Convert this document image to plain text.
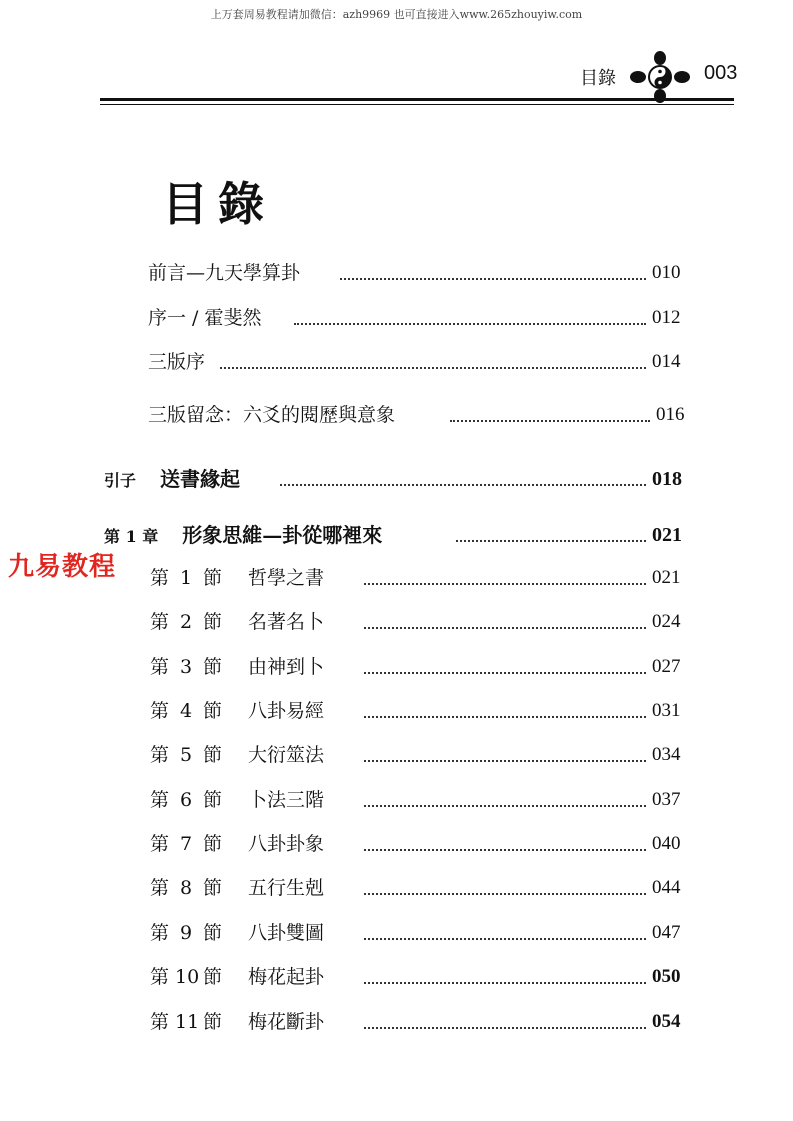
上万套周易教程请加微信：azh9969 也可直接进入www.265zhouyiw.com
目錄	003
目錄
前言—九天學算卦	010
序一 / 霍斐然	012
三版序	014
三版留念：六爻的閱歷與意象	016
引子 送書緣起	018
第 1 章 形象思維—卦從哪裡來	021
九易教程 第 1 節 哲學之書	021
第 2 節 名著名卜	024
第 3 節 由神到卜	027
第 4 節 八卦易經	031
第 5 節 大衍筮法	034
第 6 節 卜法三階	037
第 7 節 八卦卦象	040
第 8 節 五行生剋	044
第 9 節 八卦雙圖	047
第 10 節 梅花起卦	050
第 11 節 梅花斷卦	054
